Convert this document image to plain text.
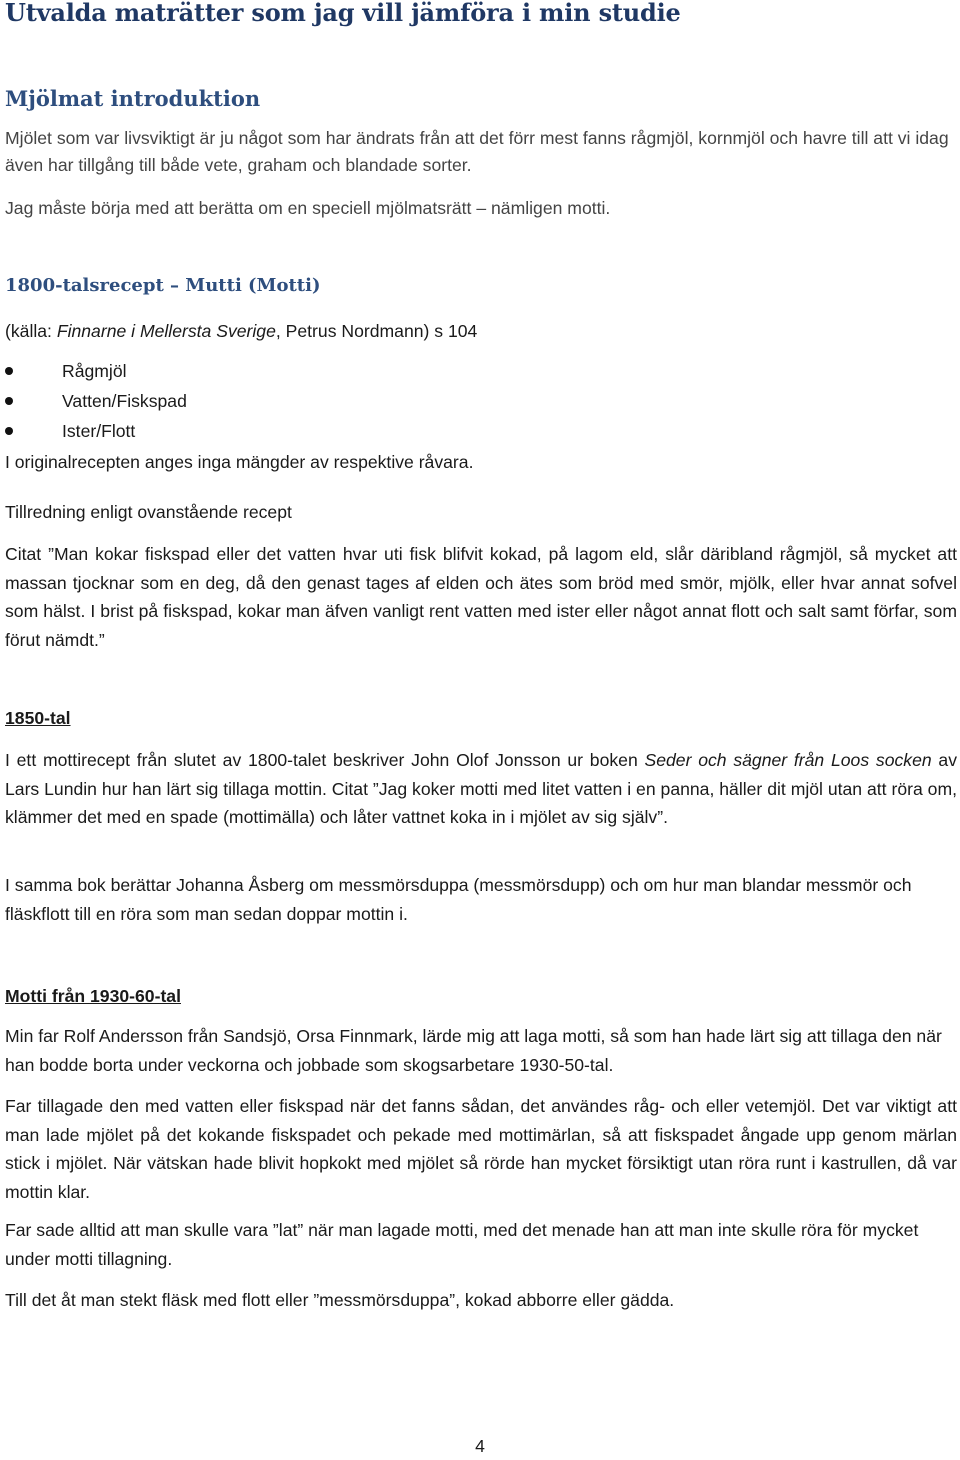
Utvalda maträtter som jag vill jämföra i min studie
Mjölmat introduktion

Mjölet som var livsviktigt är ju något som har ändrats från att det förr mest fanns rågmjöl, kornmjöl och havre till att vi idag även har tillgång till både vete, graham och blandade sorter.

Jag måste börja med att berätta om en speciell mjölmatsrätt – nämligen motti.

1800-talsrecept – Mutti (Motti)

(källa: Finnarne i Mellersta Sverige, Petrus Nordmann) s 104

Rågmjöl
Vatten/Fiskspad
Ister/Flott

I originalrecepten anges inga mängder av respektive råvara.

Tillredning enligt ovanstående recept

Citat ”Man kokar fiskspad eller det vatten hvar uti fisk blifvit kokad, på lagom eld, slår däribland rågmjöl, så mycket att massan tjocknar som en deg, då den genast tages af elden och ätes som bröd med smör, mjölk, eller hvar annat sofvel som hälst. I brist på fiskspad, kokar man äfven vanligt rent vatten med ister eller något annat flott och salt samt förfar, som förut nämdt.”

1850-tal

I ett mottirecept från slutet av 1800-talet beskriver John Olof Jonsson ur boken Seder och sägner från Loos socken av Lars Lundin hur han lärt sig tillaga mottin. Citat ”Jag koker motti med litet vatten i en panna, häller dit mjöl utan att röra om, klämmer det med en spade (mottimälla) och låter vattnet koka in i mjölet av sig själv”.

I samma bok berättar Johanna Åsberg om messmörsduppa (messmörsdupp) och om hur man blandar messmör och fläskflott till en röra som man sedan doppar mottin i.

Motti från 1930-60-tal

Min far Rolf Andersson från Sandsjö, Orsa Finnmark, lärde mig att laga motti, så som han hade lärt sig att tillaga den när han bodde borta under veckorna och jobbade som skogsarbetare 1930-50-tal.

Far tillagade den med vatten eller fiskspad när det fanns sådan, det användes råg- och eller vetemjöl. Det var viktigt att man lade mjölet på det kokande fiskspadet och pekade med mottimärlan, så att fiskspadet ångade upp genom märlan stick i mjölet. När vätskan hade blivit hopkokt med mjölet så rörde han mycket försiktigt utan röra runt i kastrullen, då var mottin klar.

Far sade alltid att man skulle vara ”lat” när man lagade motti, med det menade han att man inte skulle röra för mycket under motti tillagning.

Till det åt man stekt fläsk med flott eller ”messmörsduppa”, kokad abborre eller gädda.

4
